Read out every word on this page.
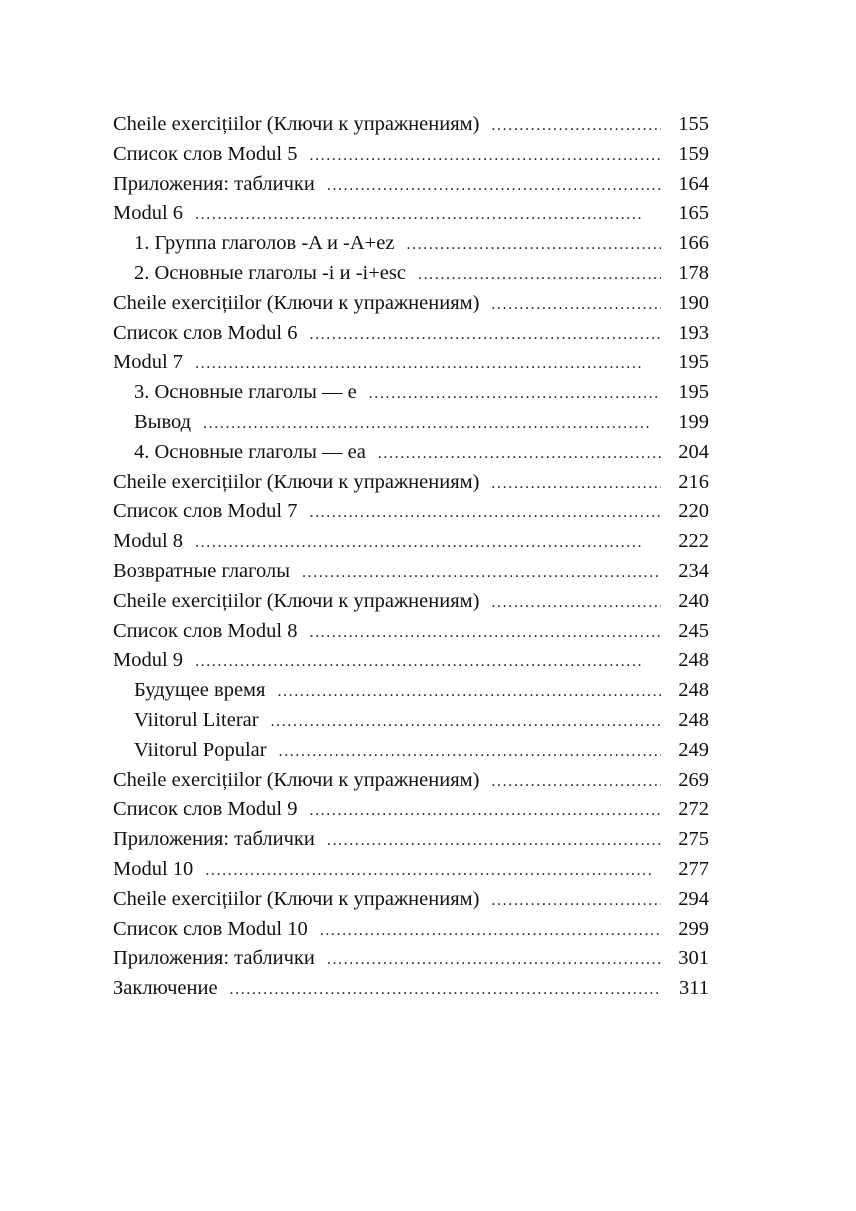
Cheile exercițiilor (Ключи к упражнениям) . . .	155
Список слов Modul 5 . . .	159
Приложения: таблички . . .	164
Modul 6 . . .	165
1. Группа глаголов ‑A и ‑A+ez . . .	166
2. Основные глаголы ‑i и ‑i+esc . . .	178
Cheile exercițiilor (Ключи к упражнениям) . . .	190
Список слов Modul 6 . . .	193
Modul 7 . . .	195
3. Основные глаголы — e . . .	195
Вывод . . .	199
4. Основные глаголы — ea . . .	204
Cheile exercițiilor (Ключи к упражнениям) . . .	216
Список слов Modul 7 . . .	220
Modul 8 . . .	222
Возвратные глаголы . . .	234
Cheile exercițiilor (Ключи к упражнениям) . . .	240
Список слов Modul 8 . . .	245
Modul 9 . . .	248
Будущее время . . .	248
Viitorul Literar . . .	248
Viitorul Popular . . .	249
Cheile exercițiilor (Ключи к упражнениям) . . .	269
Список слов Modul 9 . . .	272
Приложения: таблички . . .	275
Modul 10 . . .	277
Cheile exercițiilor (Ключи к упражнениям) . . .	294
Список слов Modul 10 . . .	299
Приложения: таблички . . .	301
Заключение . . .	311
